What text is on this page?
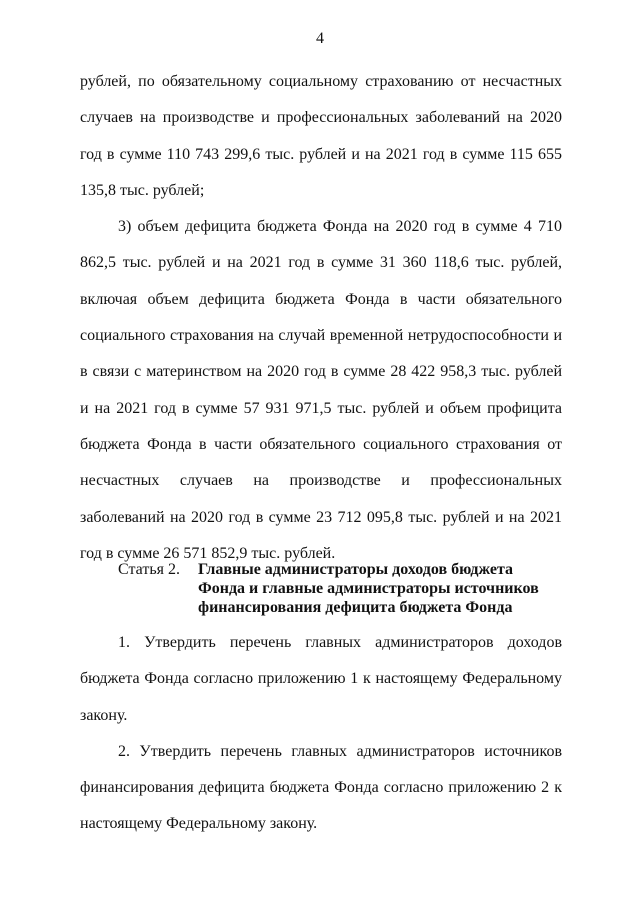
4

рублей, по обязательному социальному страхованию от несчастных случаев на производстве и профессиональных заболеваний на 2020 год в сумме 110 743 299,6 тыс. рублей и на 2021 год в сумме 115 655 135,8 тыс. рублей;

3) объем дефицита бюджета Фонда на 2020 год в сумме 4 710 862,5 тыс. рублей и на 2021 год в сумме 31 360 118,6 тыс. рублей, включая объем дефицита бюджета Фонда в части обязательного социального страхования на случай временной нетрудоспособности и в связи с материнством на 2020 год в сумме 28 422 958,3 тыс. рублей и на 2021 год в сумме 57 931 971,5 тыс. рублей и объем профицита бюджета Фонда в части обязательного социального страхования от несчастных случаев на производстве и профессиональных заболеваний на 2020 год в сумме 23 712 095,8 тыс. рублей и на 2021 год в сумме 26 571 852,9 тыс. рублей.

Статья 2.	Главные администраторы доходов бюджета Фонда и главные администраторы источников финансирования дефицита бюджета Фонда

1. Утвердить перечень главных администраторов доходов бюджета Фонда согласно приложению 1 к настоящему Федеральному закону.

2. Утвердить перечень главных администраторов источников финансирования дефицита бюджета Фонда согласно приложению 2 к настоящему Федеральному закону.
